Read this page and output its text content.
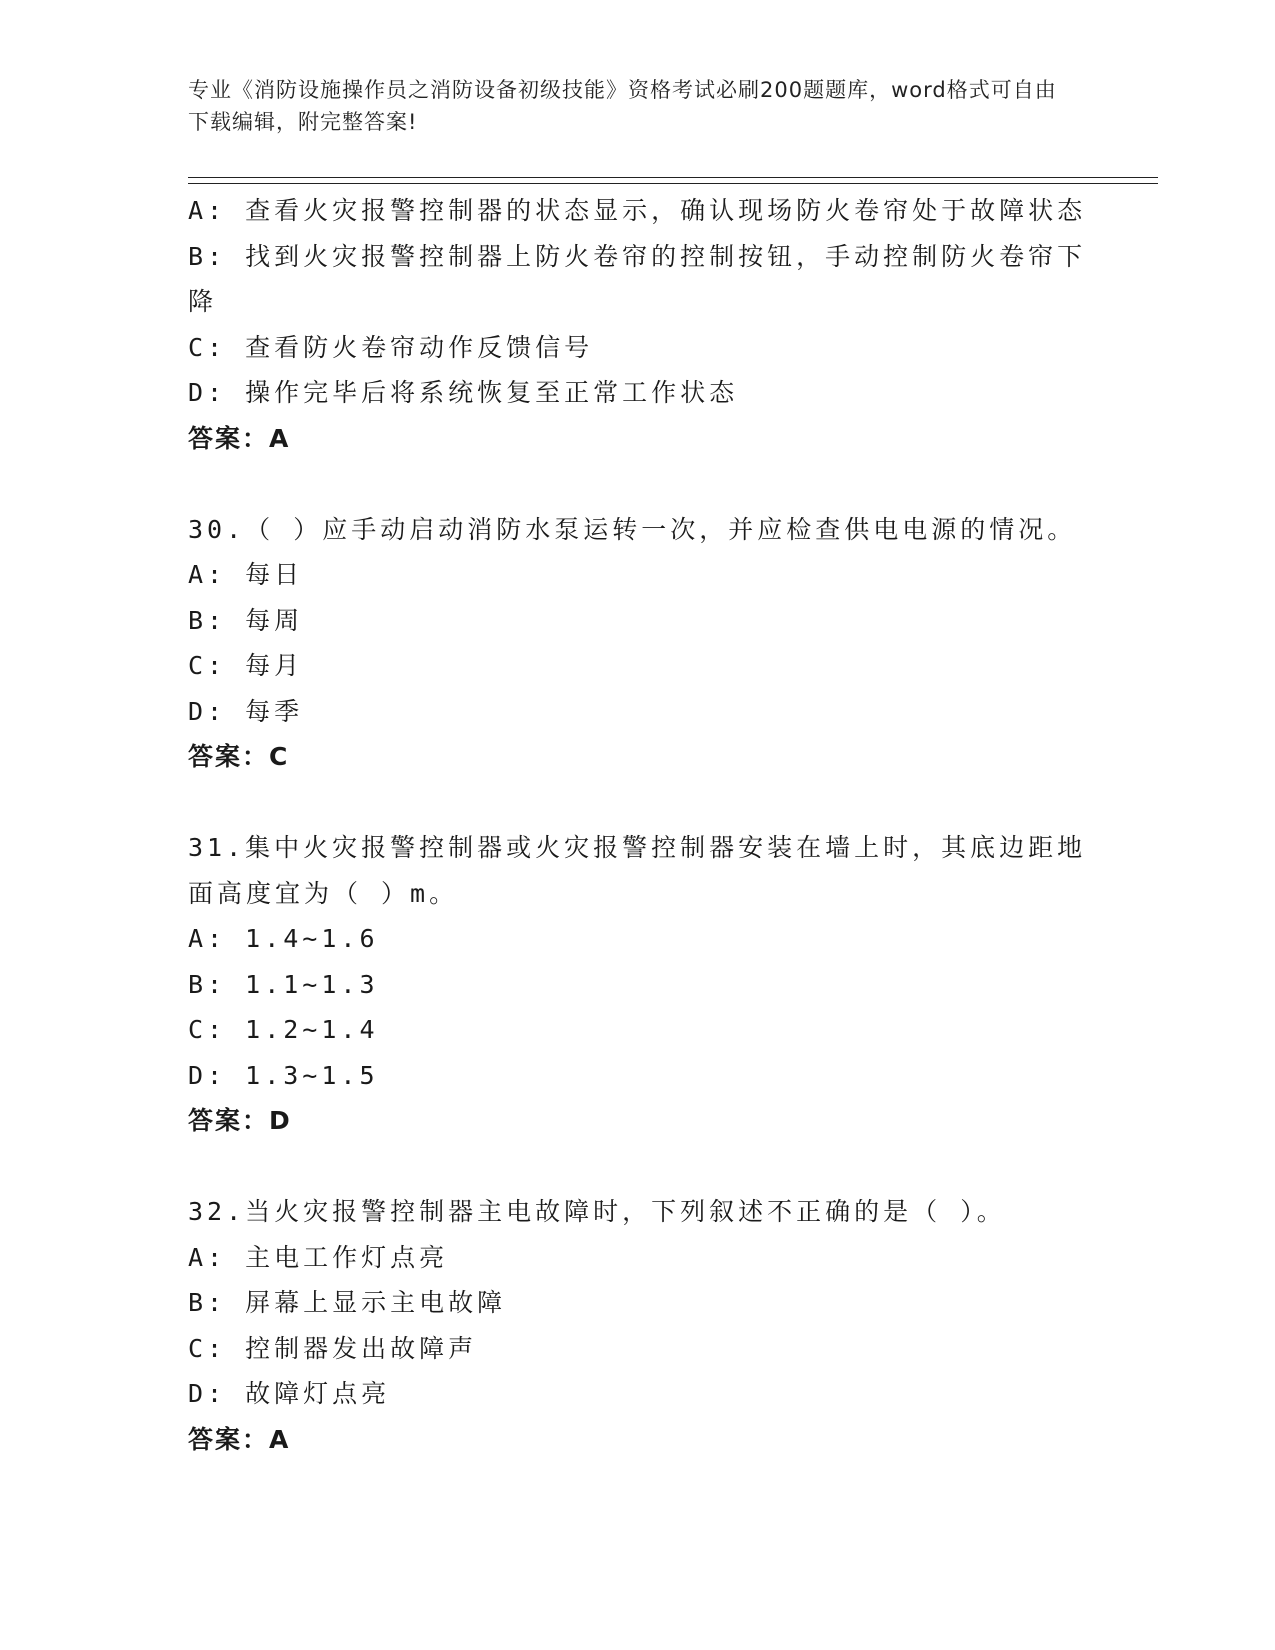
专业《消防设施操作员之消防设备初级技能》资格考试必刷200题题库，word格式可自由下载编辑，附完整答案!
A: 查看火灾报警控制器的状态显示，确认现场防火卷帘处于故障状态
B: 找到火灾报警控制器上防火卷帘的控制按钮，手动控制防火卷帘下
降
C: 查看防火卷帘动作反馈信号
D: 操作完毕后将系统恢复至正常工作状态
答案：A
30.（ ）应手动启动消防水泵运转一次，并应检查供电电源的情况。
A: 每日
B: 每周
C: 每月
D: 每季
答案：C
31.集中火灾报警控制器或火灾报警控制器安装在墙上时，其底边距地
面高度宜为（ ）m。
A: 1.4~1.6
B: 1.1~1.3
C: 1.2~1.4
D: 1.3~1.5
答案：D
32.当火灾报警控制器主电故障时，下列叙述不正确的是（ ）。
A: 主电工作灯点亮
B: 屏幕上显示主电故障
C: 控制器发出故障声
D: 故障灯点亮
答案：A
